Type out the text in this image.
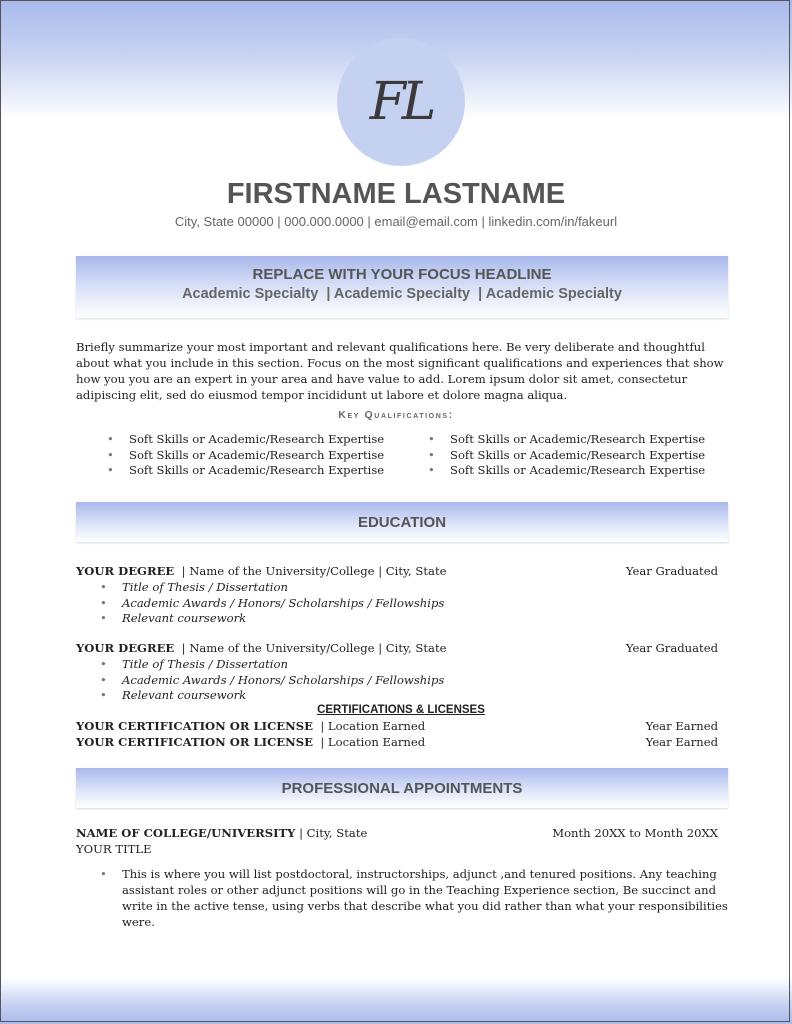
FL
FIRSTNAME LASTNAME
City, State 00000 | 000.000.0000 | email@email.com | linkedin.com/in/fakeurl
REPLACE WITH YOUR FOCUS HEADLINE
Academic Specialty  | Academic Specialty  | Academic Specialty
Briefly summarize your most important and relevant qualifications here. Be very deliberate and thoughtful about what you include in this section. Focus on the most significant qualifications and experiences that show how you you are an expert in your area and have value to add. Lorem ipsum dolor sit amet, consectetur adipiscing elit, sed do eiusmod tempor incididunt ut labore et dolore magna aliqua.
Key Qualifications:
• Soft Skills or Academic/Research Expertise
• Soft Skills or Academic/Research Expertise
• Soft Skills or Academic/Research Expertise
• Soft Skills or Academic/Research Expertise
• Soft Skills or Academic/Research Expertise
• Soft Skills or Academic/Research Expertise
EDUCATION
YOUR DEGREE  | Name of the University/College | City, State	Year Graduated
• Title of Thesis / Dissertation
• Academic Awards / Honors/ Scholarships / Fellowships
• Relevant coursework
YOUR DEGREE  | Name of the University/College | City, State	Year Graduated
• Title of Thesis / Dissertation
• Academic Awards / Honors/ Scholarships / Fellowships
• Relevant coursework
CERTIFICATIONS & LICENSES
YOUR CERTIFICATION OR LICENSE  | Location Earned	Year Earned
YOUR CERTIFICATION OR LICENSE  | Location Earned	Year Earned
PROFESSIONAL APPOINTMENTS
NAME OF COLLEGE/UNIVERSITY | City, State	Month 20XX to Month 20XX
YOUR TITLE
• This is where you will list postdoctoral, instructorships, adjunct ,and tenured positions. Any teaching assistant roles or other adjunct positions will go in the Teaching Experience section, Be succinct and write in the active tense, using verbs that describe what you did rather than what your responsibilities were.
